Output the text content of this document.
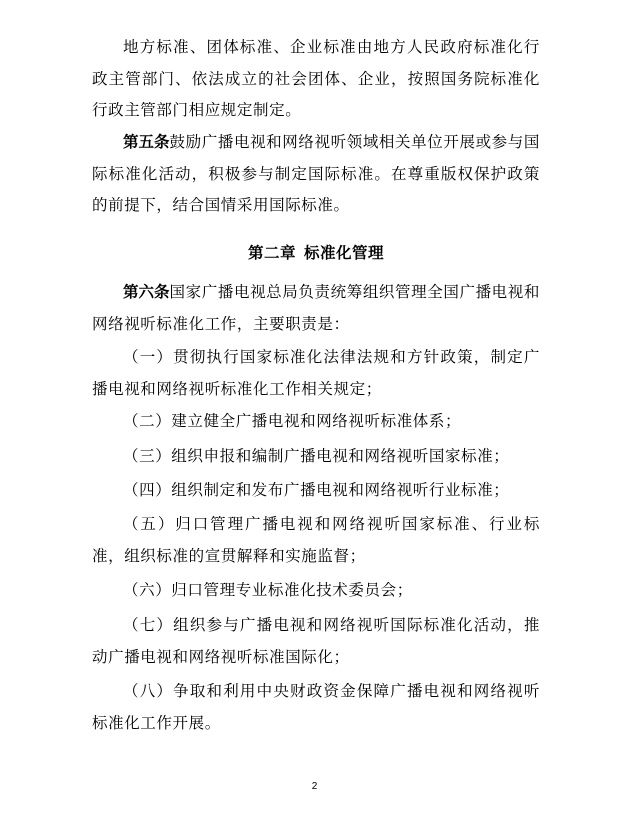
地方标准、团体标准、企业标准由地方人民政府标准化行政主管部门、依法成立的社会团体、企业，按照国务院标准化行政主管部门相应规定制定。

第五条鼓励广播电视和网络视听领域相关单位开展或参与国际标准化活动，积极参与制定国际标准。在尊重版权保护政策的前提下，结合国情采用国际标准。

第二章 标准化管理

第六条国家广播电视总局负责统筹组织管理全国广播电视和网络视听标准化工作，主要职责是：

（一）贯彻执行国家标准化法律法规和方针政策，制定广播电视和网络视听标准化工作相关规定；

（二）建立健全广播电视和网络视听标准体系；

（三）组织申报和编制广播电视和网络视听国家标准；

（四）组织制定和发布广播电视和网络视听行业标准；

（五）归口管理广播电视和网络视听国家标准、行业标准，组织标准的宣贯解释和实施监督；

（六）归口管理专业标准化技术委员会；

（七）组织参与广播电视和网络视听国际标准化活动，推动广播电视和网络视听标准国际化；

（八）争取和利用中央财政资金保障广播电视和网络视听标准化工作开展。

2
